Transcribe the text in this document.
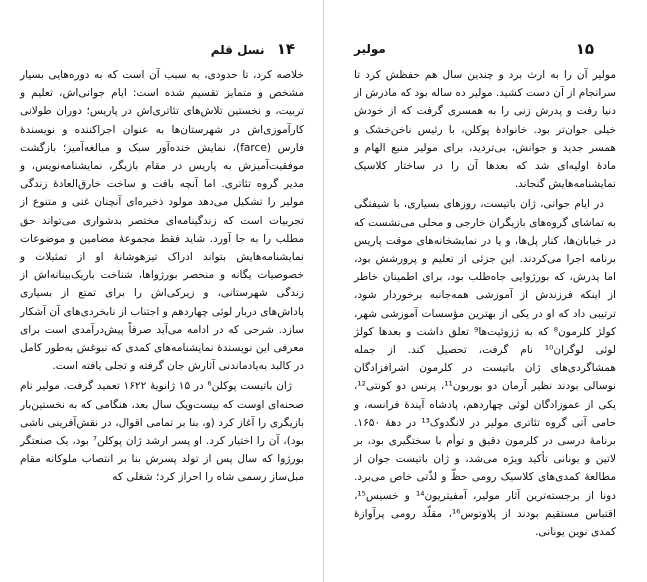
۱۴ نسل قلم

خلاصه کرد، تا حدودی، به سبب آن است که به دوره‌هایی بسیار مشخص و متمایز تقسیم شده است: ایام جوانی‌اش، تعلیم و تربیت، و نخستین تلاش‌های تئاتری‌اش در پاریس؛ دوران طولانی کارآموزی‌اش در شهرستان‌ها به عنوان اجراکننده و نویسندهٔ فارس (farce)، نمایش خنده‌آور سبک و مبالغه‌آمیز؛ بازگشت موفقیت‌آمیزش به پاریس در مقام بازیگر، نمایشنامه‌نویس، و مدیر گروه تئاتری. اما آنچه بافت و ساخت خارق‌العادهٔ زندگی مولیر را تشکیل می‌دهد مولود ذخیره‌ای آنچنان غنی و متنوع از تجربیات است که زندگینامه‌ای مختصر بدشواری می‌تواند حق مطلب را به جا آورد. شاید فقط مجموعهٔ مضامین و موضوعات نمایشنامه‌هایش بتواند ادراک تیزهوشانهٔ او از تمثیلات و خصوصیات یگانه و منحصر بورژواها، شناخت باریک‌بینانه‌اش از زندگی شهرستانی، و زیرکی‌اش را برای تمتع از بسیاری پاداش‌های دربار لوئی چهاردهم و اجتناب از نابخردی‌های آن آشکار سازد. شرحی که در ادامه می‌آید صرفاً پیش‌درآمدی است برای معرفی این نویسندهٔ نمایشنامه‌های کمدی که نبوغش به‌طور کامل در کالبد به‌یادماندنی آثارش جان گرفته و تجلی یافته است.

ژان باتیست پوکلن⁶ در ۱۵ ژانویهٔ ۱۶۲۲ تعمید گرفت. مولیر نام صحنه‌ای اوست که بیست‌ویک سال بعد، هنگامی که به‌ نخستین‌بار بازیگری را آغاز کرد (و، بنا بر تمامی اقوال، در نقش‌آفرینی ناشی بود)، آن را اختیار کرد. او پسر ارشد ژان پوکلن⁷ بود، یک صنعتگر بورژوا که سال پس از تولد پسرش بنا بر انتصاب ملوکانه مقام مبل‌ساز رسمی شاه را احراز کرد؛ شغلی که

۱۵
مولیر

مولیر آن را به ارث برد و چندین سال هم حفظش کرد تا سرانجام از آن دست کشید. مولیر ده ساله بود که مادرش از دنیا رفت و پدرش زنی را به همسری گرفت که از خودش خیلی جوان‌تر بود. خانوادهٔ پوکلن، با رئیس ناخن‌خشک و همسر جدید و جوانش، بی‌تردید، برای مولیر منبع الهام و مادهٔ اولیه‌ای شد که بعدها آن را در ساختار کلاسیک نمایشنامه‌هایش گنجاند.

در ایام جوانی، ژان باتیست، روزهای بسیاری، با شیفتگی به تماشای گروه‌های بازیگران خارجی و محلی می‌نشست که در خیابان‌ها، کنار پل‌ها، و یا در نمایشخانه‌های موقت پاریس برنامه اجرا می‌کردند. این جزئی از تعلیم و پرورشش بود، اما پدرش، که بورژوایی جاه‌طلب بود، برای اطمینان خاطر از اینکه فرزندش از آموزشی همه‌جانبه برخوردار شود، ترتیبی داد که او در یکی از بهترین مؤسسات آموزشی شهر، کولژ کلرمون⁸ که به ژزوئیت‌ها⁹ تعلق داشت و بعدها کولژ لوئی لوگران¹⁰ نام گرفت، تحصیل کند. از جمله همشاگردی‌های ژان باتیست در کلرمون اشرافزادگان نوسالی بودند نظیر آرمان دو بوربون¹¹، پرنس دو کونتی¹²، یکی از عموزادگان لوئی چهاردهم، پادشاه آیندهٔ فرانسه، و حامی آتی گروه تئاتری مولیر در لانگدوک¹³ در دههٔ ۱۶۵۰. برنامهٔ درسی در کلرمون دقیق و توأم با سختگیری بود، بر لاتین و یونانی تأکید ویژه می‌شد، و ژان باتیست جوان از مطالعهٔ کمدی‌های کلاسیک رومی حظّ و لذّتی خاص می‌برد. دونا از برجسته‌ترین آثار مولیر، آمفیتریون¹⁴ و خسیس¹⁵، اقتباس مستقیم بودند از پلاوتوس¹⁶، مقلّد رومی پرآوازهٔ کمدی نوین یونانی.
